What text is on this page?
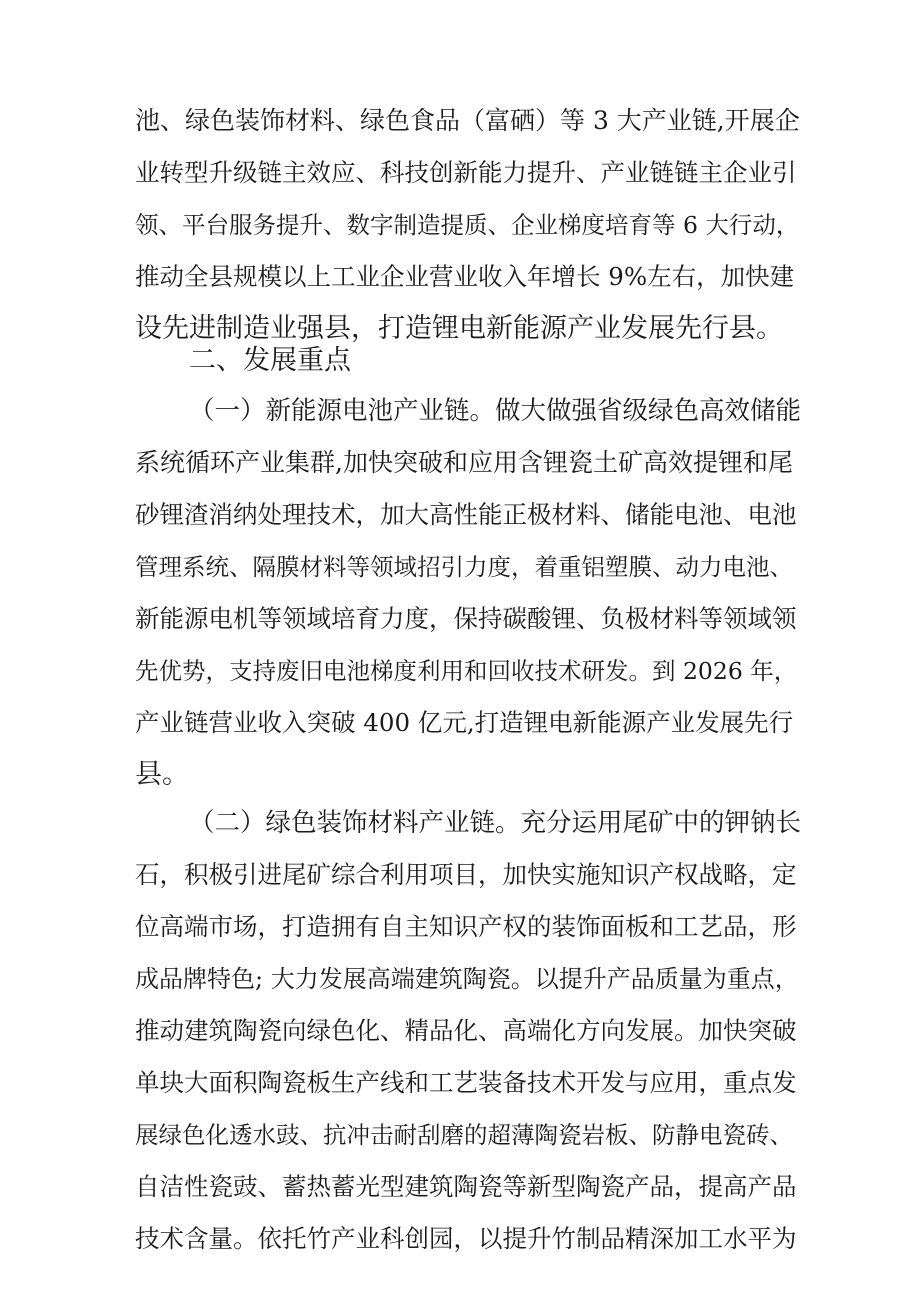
池、绿色装饰材料、绿色食品（富硒）等 3 大产业链,开展企
业转型升级链主效应、科技创新能力提升、产业链链主企业引
领、平台服务提升、数字制造提质、企业梯度培育等 6 大行动，
推动全县规模以上工业企业营业收入年增长 9%左右，加快建
设先进制造业强县，打造锂电新能源产业发展先行县。
二、发展重点
（一）新能源电池产业链。做大做强省级绿色高效储能
系统循环产业集群,加快突破和应用含锂瓷土矿高效提锂和尾
砂锂渣消纳处理技术，加大高性能正极材料、储能电池、电池
管理系统、隔膜材料等领域招引力度，着重铝塑膜、动力电池、
新能源电机等领域培育力度，保持碳酸锂、负极材料等领域领
先优势，支持废旧电池梯度利用和回收技术研发。到 2026 年，
产业链营业收入突破 400 亿元,打造锂电新能源产业发展先行
县。
（二）绿色装饰材料产业链。充分运用尾矿中的钾钠长
石，积极引进尾矿综合利用项目，加快实施知识产权战略，定
位高端市场，打造拥有自主知识产权的装饰面板和工艺品，形
成品牌特色; 大力发展高端建筑陶瓷。以提升产品质量为重点，
推动建筑陶瓷向绿色化、精品化、高端化方向发展。加快突破
单块大面积陶瓷板生产线和工艺装备技术开发与应用，重点发
展绿色化透水豉、抗冲击耐刮磨的超薄陶瓷岩板、防静电瓷砖、
自洁性瓷豉、蓄热蓄光型建筑陶瓷等新型陶瓷产品，提高产品
技术含量。依托竹产业科创园，以提升竹制品精深加工水平为
